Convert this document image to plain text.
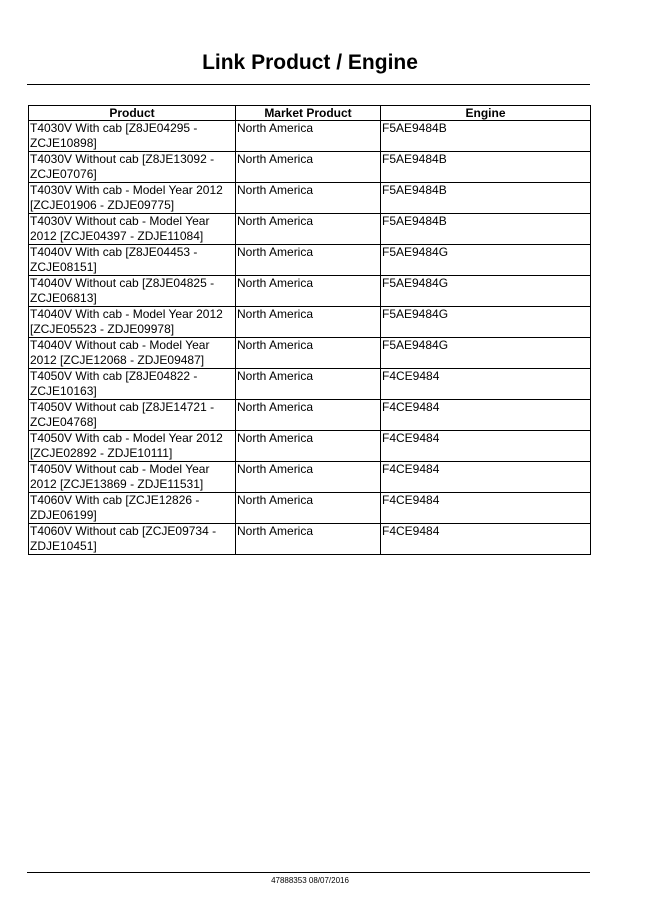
Link Product / Engine
Product	Market Product	Engine
T4030V With cab [Z8JE04295 - ZCJE10898]	North America	F5AE9484B
T4030V Without cab [Z8JE13092 - ZCJE07076]	North America	F5AE9484B
T4030V With cab - Model Year 2012 [ZCJE01906 - ZDJE09775]	North America	F5AE9484B
T4030V Without cab - Model Year 2012 [ZCJE04397 - ZDJE11084]	North America	F5AE9484B
T4040V With cab [Z8JE04453 - ZCJE08151]	North America	F5AE9484G
T4040V Without cab [Z8JE04825 - ZCJE06813]	North America	F5AE9484G
T4040V With cab - Model Year 2012 [ZCJE05523 - ZDJE09978]	North America	F5AE9484G
T4040V Without cab - Model Year 2012 [ZCJE12068 - ZDJE09487]	North America	F5AE9484G
T4050V With cab [Z8JE04822 - ZCJE10163]	North America	F4CE9484
T4050V Without cab [Z8JE14721 - ZCJE04768]	North America	F4CE9484
T4050V With cab - Model Year 2012 [ZCJE02892 - ZDJE10111]	North America	F4CE9484
T4050V Without cab - Model Year 2012 [ZCJE13869 - ZDJE11531]	North America	F4CE9484
T4060V With cab [ZCJE12826 - ZDJE06199]	North America	F4CE9484
T4060V Without cab [ZCJE09734 - ZDJE10451]	North America	F4CE9484
47888353 08/07/2016
